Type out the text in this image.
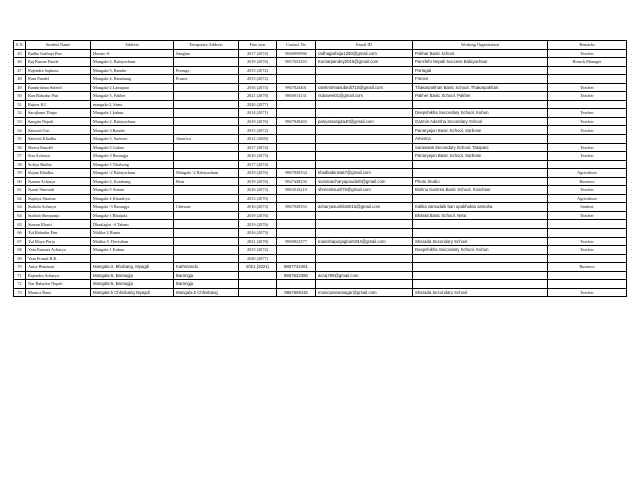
S.N.	Student Name	Address	Temporary Address	Pass year	Contact No	Email ID	Working Organization	Remarks
45	Radha Garbuja Pun	Harian -6	Sanghai	2017 (2074)	9846950966	radhagarbuja1250@gmail.com	Pokhar Basic school	Teacher
46	Raj Kumar Pande	Mangala-2, Babiyachaur		2019 (2076)	9857652263	Kumarpandey2015@gmail.com	Panchthi Nepali Success Babiyachaur	Branch Manager
47	Rajendra Sapkota	Mangala-5, Bandre	Portuga	2015 (2072)			Portugal	
48	Ram Pandel	Mangala-2, Banabang	France	2015 (2072)			France	
49	Ramkrishna Subedi	Mangala-2 Lamtpata		2016 (2073)	9867824401	ramkrishnasubedi710@gmail.com	Thakarpokhari Basic School, Thakarpokhari	Teacher
50	Ran Bahadur Pun	Mangala-5, Pakher		2021 (2078)	9860014131	rsduwee01@gmail.com	Pakher Basic School, Pakher	Teacher
51	Rujina KC	mangala-2, Sima		2020 (2077)				
52	Sarajhana Thapa	Mangala-1 kuhun		2014 (2071)			Deepshikha Secondary School, Kuhun	Teacher
53	Sangita Nepali	Mangala-2, Babiyachaur		2019 (2076)	9867949465	pariyarsangita40@gmail.com	Garmin Adarsha Secondary School	Teacher
54	Santosh Giri	Mangala-3 Bandre		2015 (2072)			Panaryajun Basic School, Sarbose	Teacher
55	Santosh Khadka	Mangala-5, Sarbose	America	2012 (2069)			America	
56	Shriva Kandel	Mangala-5 Gulute		2017 (2074)			Saraswati Secondary School, Tatopani	Teacher
57	Sita Acharya	Mangala-3 Barangja		2016 (2073)			Panaryajun Basic School, Sarbose	Teacher
58	Sofiya Budha	Mangala-5 Tikabong		2017 (2074)				
59	Sujata Khadka	Mangala -2 Babiyachaur	Mangala -2 Babiyachaur	2019 (2076)	9867949334	khadkabinita67@gmail.com		Agriculture
60	Suman Acharya	Mangala-2, Kotabang	Beni	2019 (2076)	9847448250	sumanacharyapoudel0@gmail.com	Photo Studio	Business
61	Sumit Shrestah	Mangala-5 Amani		2016 (2073)	9863516219	shreeshsunil76@gmail.com	Bishnu Kamrea Basic School, Kinichaur	Teacher
62	Supriya Sharma	Mangala-2 Khamliya		2013 (2070)				Agriculture
63	Sushila Acharya	Mangala -3 Barangja	Chitwan	2016 (2073)	9867949353	acharyasushila0015@gmail.com	Kalika samudaik ban upabhokta samuha	Student
64	Sushila Sherpunja	Mangala-1 Bhatjula		2019 (2076)			Bharati Basic School, Neta	Teacher
65	Suman Khatri	Dhaulagiri -4 Takam		2019 (2076)				
66	Tul Bahadur Pun	Malika-2 Ruma		2016 (2073)				
67	Tul Maya Purja	Malika-5, Devisthan		2021 (2078)	9860822377	manishapurjagharti334@gmail.com	Sharada Secondary School	Teacher
68	Yam Kumari Acharya	Mangala-1 Kuhun		2015 (2072)			Deepshikha Secondary School, Kuhun	Teacher
69	Yam Prasad B.K.			2020 (2077)				
70	Anita Bhattarai	Mangala-2, Bhubang, Myagdi	Kathmandu	2021 (2021)	9867742461			Business
71	Rajendra Acharya	Mangala-5, Barangja	Barangja		9857622390	acraj789@gmail.com		
72	Nar Bahadur Nepali	Mangala-5, Barangja	Barangja					
73	Monica Rana	Mangala 5 Chhisbang Myagdi	Mangala 5 Chhisbang		9867669115	monicaranamagar@gmail.com	Sharada Secondary School	Teacher
